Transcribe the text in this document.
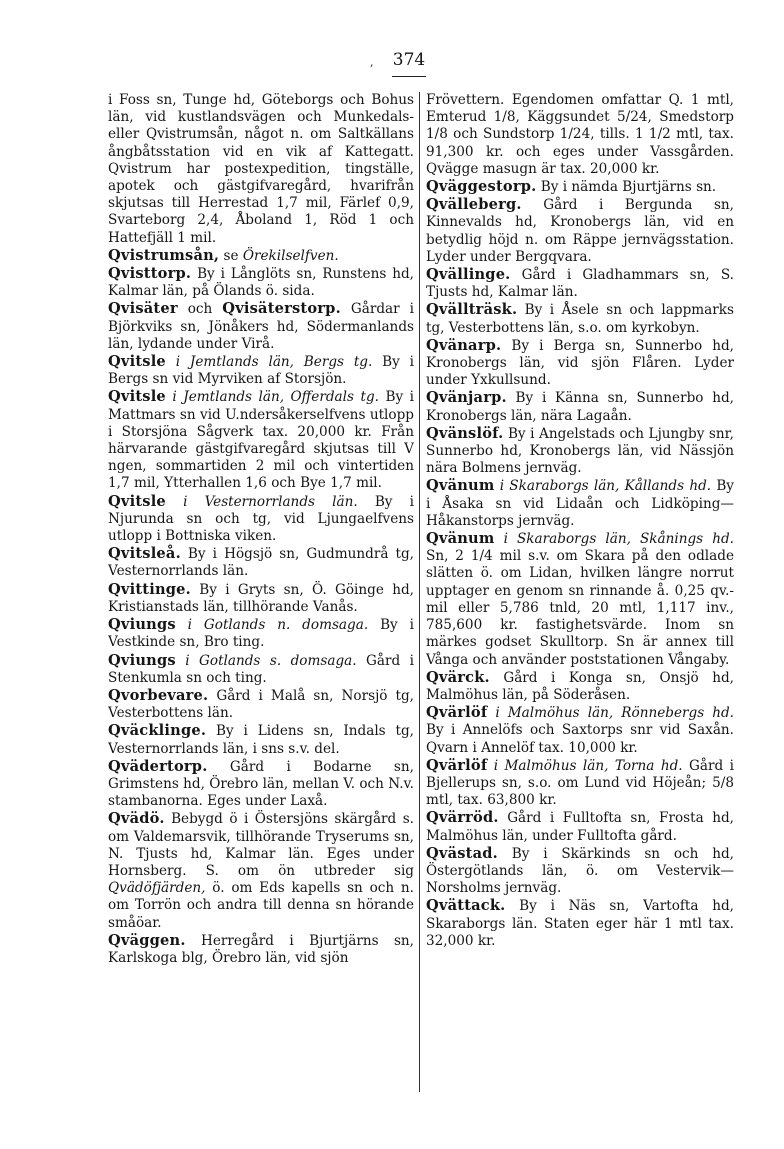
,	374

i Foss sn, Tunge hd, Göteborgs och Bohus län, vid kustlandsvägen och Munkedals- eller Qvistrumsån, något n. om Saltkällans ångbåtsstation vid en vik af Kattegatt. Qvistrum har postexpedition, tingställe, apotek och gästgifvaregård, hvarifrån skjutsas till Herrestad 1,7 mil, Färlef 0,9, Svarteborg 2,4, Åboland 1, Röd 1 och Hattefjäll 1 mil.

Qvistrumsån, se Örekilselfven.

Qvisttorp. By i Långlöts sn, Runstens hd, Kalmar län, på Ölands ö. sida.

Qvisäter och Qvisäterstorp. Gårdar i Björkviks sn, Jönåkers hd, Södermanlands län, lydande under Virå.

Qvitsle i Jemtlands län, Bergs tg. By i Bergs sn vid Myrviken af Storsjön.

Qvitsle i Jemtlands län, Offerdals tg. By i Mattmars sn vid U.ndersåkerselfvens utlopp i Storsjöna Sågverk tax. 20,000 kr. Från härvarande gästgifvaregård skjutsas till V ngen, sommartiden 2 mil och vintertiden 1,7 mil, Ytterhallen 1,6 och Bye 1,7 mil.

Qvitsle i Vesternorrlands län. By i Njurunda sn och tg, vid Ljungaelfvens utlopp i Bottniska viken.

Qvitsleå. By i Högsjö sn, Gudmundrå tg, Vesternorrlands län.

Qvittinge. By i Gryts sn, Ö. Göinge hd, Kristianstads län, tillhörande Vanås.

Qviungs i Gotlands n. domsaga. By i Vestkinde sn, Bro ting.

Qviungs i Gotlands s. domsaga. Gård i Stenkumla sn och ting.

Qvorbevare. Gård i Malå sn, Norsjö tg, Vesterbottens län.

Qväcklinge. By i Lidens sn, Indals tg, Vesternorrlands län, i sns s.v. del.

Qvädertorp. Gård i Bodarne sn, Grimstens hd, Örebro län, mellan V. och N.v. stambanorna. Eges under Laxå.

Qvädö. Bebygd ö i Östersjöns skärgård s. om Valdemarsvik, tillhörande Tryserums sn, N. Tjusts hd, Kalmar län. Eges under Hornsberg. S. om ön utbreder sig Qvädöfjärden, ö. om Eds kapells sn och n. om Torrön och andra till denna sn hörande småöar.

Qväggen. Herregård i Bjurtjärns sn, Karlskoga blg, Örebro län, vid sjön

Frövettern. Egendomen omfattar Q. 1 mtl, Emterud 1/8, Käggsundet 5/24, Smedstorp 1/8 och Sundstorp 1/24, tills. 1 1/2 mtl, tax. 91,300 kr. och eges under Vassgården. Qvägge masugn är tax. 20,000 kr.

Qväggestorp. By i nämda Bjurtjärns sn.

Qvälleberg. Gård i Bergunda sn, Kinnevalds hd, Kronobergs län, vid en betydlig höjd n. om Räppe jernvägsstation. Lyder under Bergqvara.

Qvällinge. Gård i Gladhammars sn, S. Tjusts hd, Kalmar län.

Qvällträsk. By i Åsele sn och lappmarks tg, Vesterbottens län, s.o. om kyrkobyn.

Qvänarp. By i Berga sn, Sunnerbo hd, Kronobergs län, vid sjön Flåren. Lyder under Yxkullsund.

Qvänjarp. By i Känna sn, Sunnerbo hd, Kronobergs län, nära Lagaån.

Qvänslöf. By i Angelstads och Ljungby snr, Sunnerbo hd, Kronobergs län, vid Nässjön nära Bolmens jernväg.

Qvänum i Skaraborgs län, Kållands hd. By i Åsaka sn vid Lidaån och Lidköping—Håkanstorps jernväg.

Qvänum i Skaraborgs län, Skånings hd. Sn, 2 1/4 mil s.v. om Skara på den odlade slätten ö. om Lidan, hvilken längre norrut upptager en genom sn rinnande å. 0,25 qv.-mil eller 5,786 tnld, 20 mtl, 1,117 inv., 785,600 kr. fastighetsvärde. Inom sn märkes godset Skulltorp. Sn är annex till Vånga och använder poststationen Vångaby.

Qvärck. Gård i Konga sn, Onsjö hd, Malmöhus län, på Söderåsen.

Qvärlöf i Malmöhus län, Rönnebergs hd. By i Annelöfs och Saxtorps snr vid Saxån. Qvarn i Annelöf tax. 10,000 kr.

Qvärlöf i Malmöhus län, Torna hd. Gård i Bjellerups sn, s.o. om Lund vid Höjeån; 5/8 mtl, tax. 63,800 kr.

Qvärröd. Gård i Fulltofta sn, Frosta hd, Malmöhus län, under Fulltofta gård.

Qvästad. By i Skärkinds sn och hd, Östergötlands län, ö. om Vestervik—Norsholms jernväg.

Qvättack. By i Näs sn, Vartofta hd, Skaraborgs län. Staten eger här 1 mtl tax. 32,000 kr.
